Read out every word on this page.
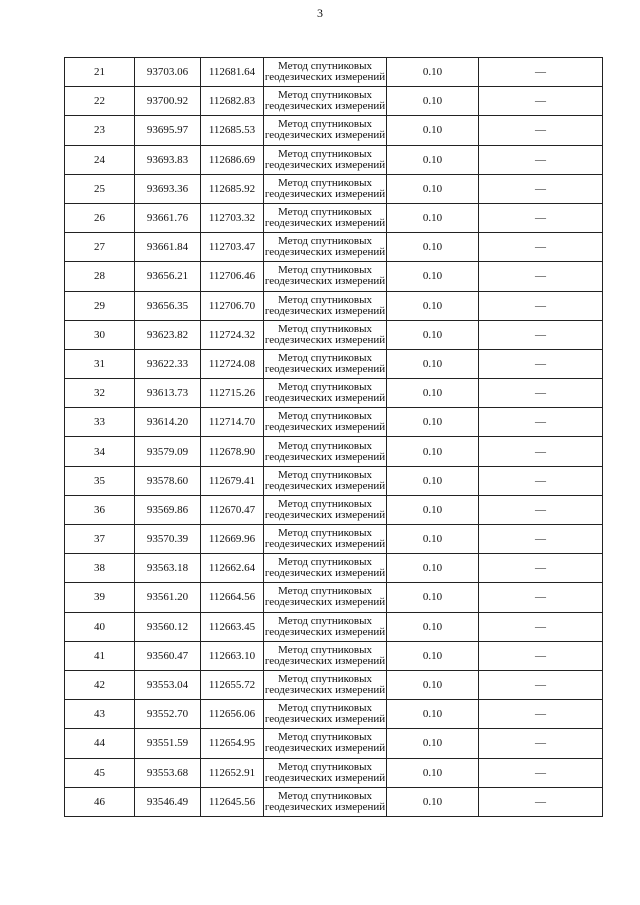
3
21	93703.06	112681.64	Метод спутниковых
геодезических измерений	0.10	—
22	93700.92	112682.83	Метод спутниковых
геодезических измерений	0.10	—
23	93695.97	112685.53	Метод спутниковых
геодезических измерений	0.10	—
24	93693.83	112686.69	Метод спутниковых
геодезических измерений	0.10	—
25	93693.36	112685.92	Метод спутниковых
геодезических измерений	0.10	—
26	93661.76	112703.32	Метод спутниковых
геодезических измерений	0.10	—
27	93661.84	112703.47	Метод спутниковых
геодезических измерений	0.10	—
28	93656.21	112706.46	Метод спутниковых
геодезических измерений	0.10	—
29	93656.35	112706.70	Метод спутниковых
геодезических измерений	0.10	—
30	93623.82	112724.32	Метод спутниковых
геодезических измерений	0.10	—
31	93622.33	112724.08	Метод спутниковых
геодезических измерений	0.10	—
32	93613.73	112715.26	Метод спутниковых
геодезических измерений	0.10	—
33	93614.20	112714.70	Метод спутниковых
геодезических измерений	0.10	—
34	93579.09	112678.90	Метод спутниковых
геодезических измерений	0.10	—
35	93578.60	112679.41	Метод спутниковых
геодезических измерений	0.10	—
36	93569.86	112670.47	Метод спутниковых
геодезических измерений	0.10	—
37	93570.39	112669.96	Метод спутниковых
геодезических измерений	0.10	—
38	93563.18	112662.64	Метод спутниковых
геодезических измерений	0.10	—
39	93561.20	112664.56	Метод спутниковых
геодезических измерений	0.10	—
40	93560.12	112663.45	Метод спутниковых
геодезических измерений	0.10	—
41	93560.47	112663.10	Метод спутниковых
геодезических измерений	0.10	—
42	93553.04	112655.72	Метод спутниковых
геодезических измерений	0.10	—
43	93552.70	112656.06	Метод спутниковых
геодезических измерений	0.10	—
44	93551.59	112654.95	Метод спутниковых
геодезических измерений	0.10	—
45	93553.68	112652.91	Метод спутниковых
геодезических измерений	0.10	—
46	93546.49	112645.56	Метод спутниковых
геодезических измерений	0.10	—
